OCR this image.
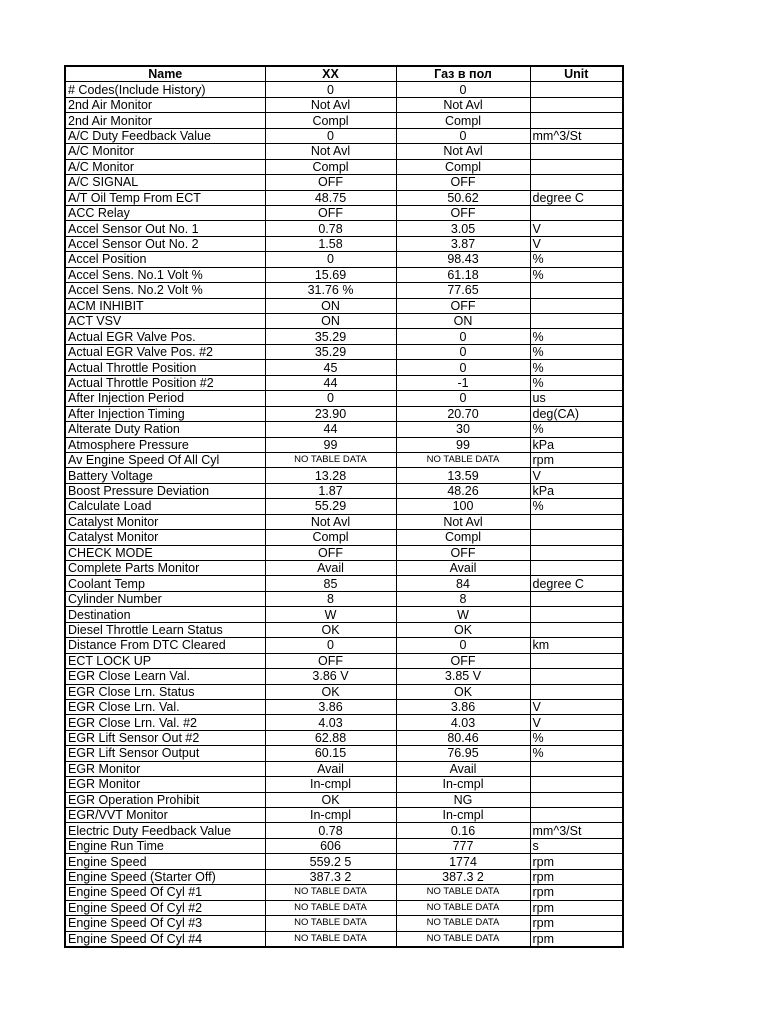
Name	XX	Газ в пол	Unit
# Codes(Include History)	0	0	
2nd Air Monitor	Not Avl	Not Avl	
2nd Air Monitor	Compl	Compl	
A/C Duty Feedback Value	0	0	mm^3/St
A/C Monitor	Not Avl	Not Avl	
A/C Monitor	Compl	Compl	
A/C SIGNAL	OFF	OFF	
A/T Oil Temp From ECT	48.75	50.62	degree C
ACC Relay	OFF	OFF	
Accel Sensor Out No. 1	0.78	3.05	V
Accel Sensor Out No. 2	1.58	3.87	V
Accel Position	0	98.43	%
Accel Sens. No.1 Volt %	15.69	61.18	%
Accel Sens. No.2 Volt %	31.76 %	77.65	
ACM INHIBIT	ON	OFF	
ACT VSV	ON	ON	
Actual EGR Valve Pos.	35.29	0	%
Actual EGR Valve Pos. #2	35.29	0	%
Actual Throttle Position	45	0	%
Actual Throttle Position #2	44	-1	%
After Injection Period	0	0	us
After Injection Timing	23.90	20.70	deg(CA)
Alterate Duty Ration	44	30	%
Atmosphere Pressure	99	99	kPa
Av Engine Speed Of All Cyl	NO TABLE DATA	NO TABLE DATA	rpm
Battery Voltage	13.28	13.59	V
Boost Pressure Deviation	1.87	48.26	kPa
Calculate Load	55.29	100	%
Catalyst Monitor	Not Avl	Not Avl	
Catalyst Monitor	Compl	Compl	
CHECK MODE	OFF	OFF	
Complete Parts Monitor	Avail	Avail	
Coolant Temp	85	84	degree C
Cylinder Number	8	8	
Destination	W	W	
Diesel Throttle Learn Status	OK	OK	
Distance From DTC Cleared	0	0	km
ECT LOCK UP	OFF	OFF	
EGR Close Learn Val.	3.86 V	3.85 V	
EGR Close Lrn. Status	OK	OK	
EGR Close Lrn. Val.	3.86	3.86	V
EGR Close Lrn. Val. #2	4.03	4.03	V
EGR Lift Sensor Out #2	62.88	80.46	%
EGR Lift Sensor Output	60.15	76.95	%
EGR Monitor	Avail	Avail	
EGR Monitor	In-cmpl	In-cmpl	
EGR Operation Prohibit	OK	NG	
EGR/VVT Monitor	In-cmpl	In-cmpl	
Electric Duty Feedback Value	0.78	0.16	mm^3/St
Engine Run Time	606	777	s
Engine Speed	559.2 5	1774	rpm
Engine Speed (Starter Off)	387.3 2	387.3 2	rpm
Engine Speed Of Cyl #1	NO TABLE DATA	NO TABLE DATA	rpm
Engine Speed Of Cyl #2	NO TABLE DATA	NO TABLE DATA	rpm
Engine Speed Of Cyl #3	NO TABLE DATA	NO TABLE DATA	rpm
Engine Speed Of Cyl #4	NO TABLE DATA	NO TABLE DATA	rpm
